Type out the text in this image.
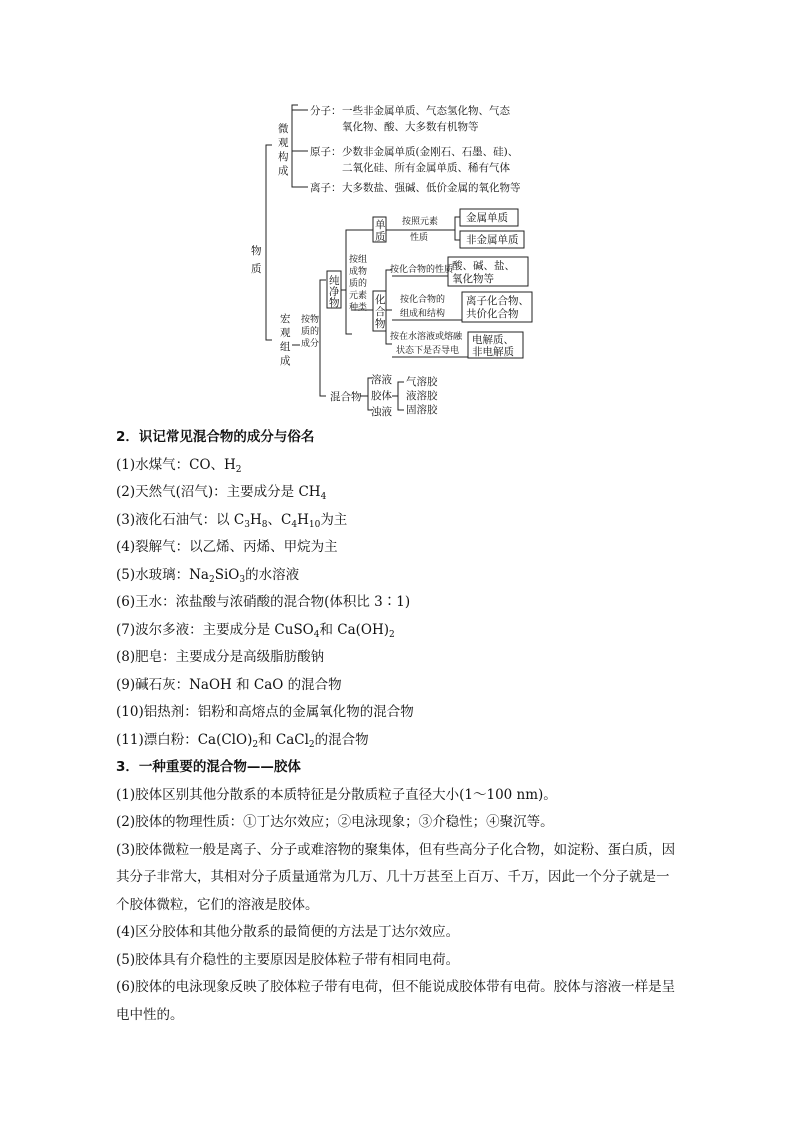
物
质
微
观
构
成
分子： 一些非金属单质、气态氢化物、气态
氧化物、酸、大多数有机物等
原子： 少数非金属单质(金刚石、石墨、硅)、
二氧化硅、所有金属单质、稀有气体
离子： 大多数盐、强碱、低价金属的氧化物等
宏
观
组
成
按物
质的
成分
纯
净
物
按组
成物
质的
元素
种类
单
质
按照元素
性质
金属单质
非金属单质
化
合
物
按化合物的性质
酸、碱、盐、
氧化物等
按化合物的
组成和结构
离子化合物、
共价化合物
按在水溶液或熔融
状态下是否导电
电解质、
非电解质
混合物
溶液
胶体
浊液
气溶胶
液溶胶
固溶胶

2．识记常见混合物的成分与俗名

(1)水煤气：CO、$H_2$

(2)天然气(沼气)：主要成分是 $CH_4$

(3)液化石油气：以 $C_3H_8$、$C_4H_{10}$为主

(4)裂解气：以乙烯、丙烯、甲烷为主

(5)水玻璃：$Na_2SiO_3$的水溶液

(6)王水：浓盐酸与浓硝酸的混合物(体积比 3∶1)

(7)波尔多液：主要成分是 CuSO$_4$和 $Ca(OH)_2$

(8)肥皂：主要成分是高级脂肪酸钠

(9)碱石灰：NaOH 和 CaO 的混合物

(10)铝热剂：铝粉和高熔点的金属氧化物的混合物

(11)漂白粉：$Ca(ClO)_2$和 CaCl$_2$的混合物

3．一种重要的混合物——胶体

(1)胶体区别其他分散系的本质特征是分散质粒子直径大小(1～100 nm)。

(2)胶体的物理性质：①丁达尔效应；②电泳现象；③介稳性；④聚沉等。

(3)胶体微粒一般是离子、分子或难溶物的聚集体，但有些高分子化合物，如淀粉、蛋白质，因其分子非常大，其相对分子质量通常为几万、几十万甚至上百万、千万，因此一个分子就是一个胶体微粒，它们的溶液是胶体。

(4)区分胶体和其他分散系的最简便的方法是丁达尔效应。

(5)胶体具有介稳性的主要原因是胶体粒子带有相同电荷。

(6)胶体的电泳现象反映了胶体粒子带有电荷，但不能说成胶体带有电荷。胶体与溶液一样是呈电中性的。
